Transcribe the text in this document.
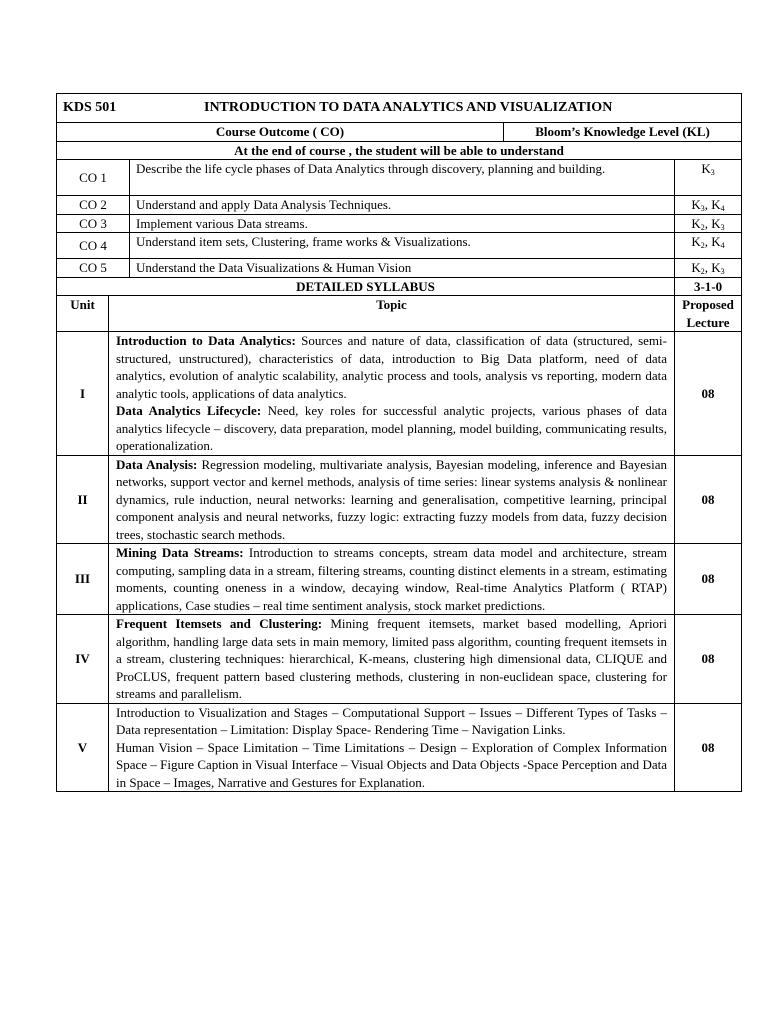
KDS 501 INTRODUCTION TO DATA ANALYTICS AND VISUALIZATION				

Course Outcome ( CO)			Bloom’s Knowledge Level (KL)	
At the end of course , the student will be able to understand				
CO 1		Describe the life cycle phases of Data Analytics through discovery, planning and building.		$K_3$
CO 2		Understand and apply Data Analysis Techniques.		$K_3$, $K_4$
CO 3		Implement various Data streams.		$K_2$, $K_3$
CO 4		Understand item sets, Clustering, frame works & Visualizations.		$K_2$, $K_4$
CO 5		Understand the Data Visualizations & Human Vision		$K_2$, $K_3$
DETAILED SYLLABUS				3-1-0
Unit	Topic			Proposed
Lecture

I	Introduction to Data Analytics: Sources and nature of data, classification of data (structured, semi-structured, unstructured), characteristics of data, introduction to Big Data platform, need of data analytics, evolution of analytic scalability, analytic process and tools, analysis vs reporting, modern data analytic tools, applications of data analytics.
Data Analytics Lifecycle: Need, key roles for successful analytic projects, various phases of data analytics lifecycle – discovery, data preparation, model planning, model building, communicating results, operationalization.			08
II	Data Analysis: Regression modeling, multivariate analysis, Bayesian modeling, inference and Bayesian networks, support vector and kernel methods, analysis of time series: linear systems analysis & nonlinear dynamics, rule induction, neural networks: learning and generalisation, competitive learning, principal component analysis and neural networks, fuzzy logic: extracting fuzzy models from data, fuzzy decision trees, stochastic search methods.			08
III	Mining Data Streams: Introduction to streams concepts, stream data model and architecture, stream computing, sampling data in a stream, filtering streams, counting distinct elements in a stream, estimating moments, counting oneness in a window, decaying window, Real-time Analytics Platform ( RTAP) applications, Case studies – real time sentiment analysis, stock market predictions.			08
IV	Frequent Itemsets and Clustering: Mining frequent itemsets, market based modelling, Apriori algorithm, handling large data sets in main memory, limited pass algorithm, counting frequent itemsets in a stream, clustering techniques: hierarchical, K-means, clustering high dimensional data, CLIQUE and ProCLUS, frequent pattern based clustering methods, clustering in non-euclidean space, clustering for streams and parallelism.			08
V	Introduction to Visualization and Stages – Computational Support – Issues – Different Types of Tasks – Data representation – Limitation: Display Space- Rendering Time – Navigation Links.
Human Vision – Space Limitation – Time Limitations – Design – Exploration of Complex Information Space – Figure Caption in Visual Interface – Visual Objects and Data Objects -Space Perception and Data in Space – Images, Narrative and Gestures for Explanation.			08
